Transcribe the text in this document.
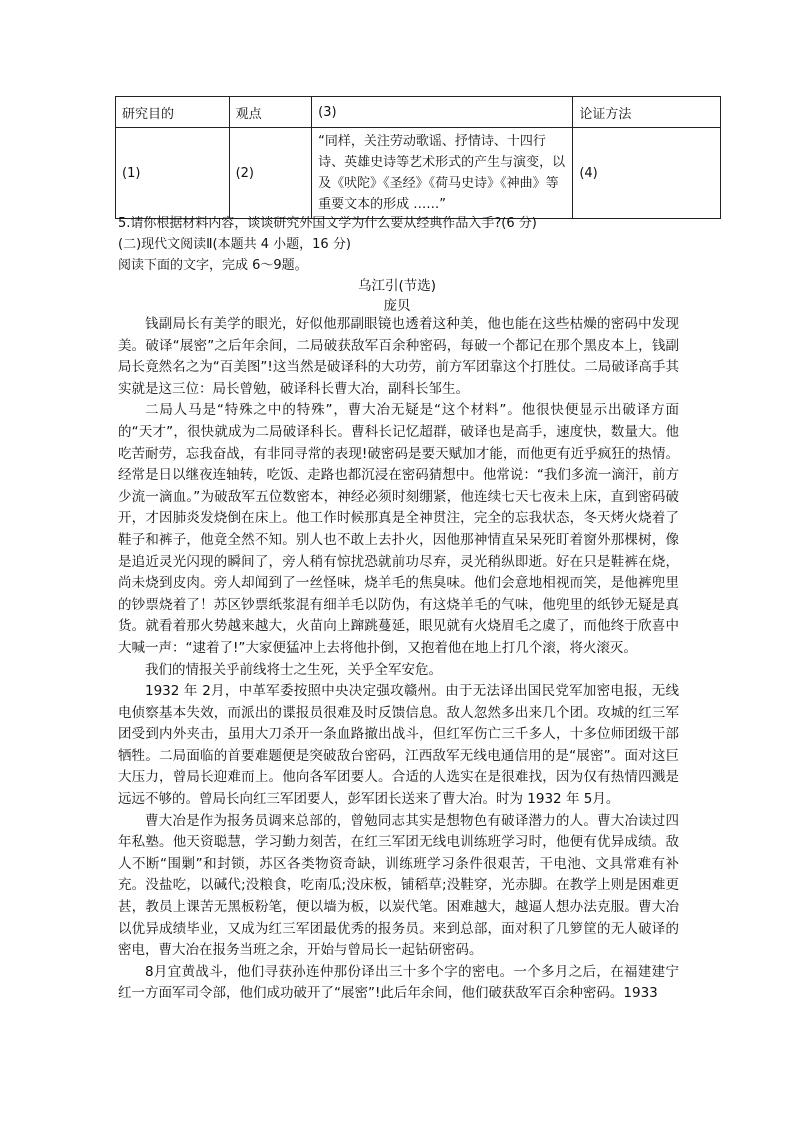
研究目的	观点	(3)	论证方法
(1)	(2)	“同样，关注劳动歌谣、抒情诗、十四行诗、英雄史诗等艺术形式的产生与演变，以及《吠陀》《圣经》《荷马史诗》《神曲》等重要文本的形成 ……”	(4)
5.请你根据材料内容，谈谈研究外国文学为什么要从经典作品入手?(6 分)
(二)现代文阅读Ⅱ(本题共 4 小题，16 分)
阅读下面的文字，完成 6～9题。
乌江引(节选)
庞贝

钱副局长有美学的眼光，好似他那副眼镜也透着这种美，他也能在这些枯燥的密码中发现美。破译“展密”之后年余间，二局破获敌军百余种密码，每破一个都记在那个黑皮本上，钱副局长竟然名之为“百美图”!这当然是破译科的大功劳，前方军团靠这个打胜仗。二局破译高手其实就是这三位：局长曾勉，破译科长曹大冶，副科长邹生。

二局人马是“特殊之中的特殊”，曹大冶无疑是“这个材料”。他很快便显示出破译方面的“天才”，很快就成为二局破译科长。曹科长记忆超群，破译也是高手，速度快，数量大。他吃苦耐劳，忘我奋战，有非同寻常的表现!破密码是要天赋加才能，而他更有近乎疯狂的热情。经常是日以继夜连轴转，吃饭、走路也都沉浸在密码猜想中。他常说：“我们多流一滴汗，前方少流一滴血。”为破敌军五位数密本，神经必须时刻绷紧，他连续七天七夜未上床，直到密码破开，才因肺炎发烧倒在床上。他工作时候那真是全神贯注，完全的忘我状态，冬天烤火烧着了鞋子和裤子，他竟全然不知。别人也不敢上去扑火，因他那神情直呆呆死盯着窗外那棵树，像是追近灵光闪现的瞬间了，旁人稍有惊扰恐就前功尽弃，灵光稍纵即逝。好在只是鞋裤在烧，尚未烧到皮肉。旁人却闻到了一丝怪味，烧羊毛的焦臭味。他们会意地相视而笑，是他裤兜里的钞票烧着了！苏区钞票纸浆混有细羊毛以防伪，有这烧羊毛的气味，他兜里的纸钞无疑是真货。就看着那火势越来越大，火苗向上蹿跳蔓延，眼见就有火烧眉毛之虞了，而他终于欣喜中大喊一声：“逮着了!”大家便猛冲上去将他扑倒，又抱着他在地上打几个滚，将火滚灭。

我们的情报关乎前线将士之生死，关乎全军安危。

1932 年 2月，中革军委按照中央决定强攻赣州。由于无法译出国民党军加密电报，无线电侦察基本失效，而派出的谍报员很难及时反馈信息。敌人忽然多出来几个团。攻城的红三军团受到内外夹击，虽用大刀杀开一条血路撤出战斗，但红军伤亡三千多人，十多位师团级干部牺牲。二局面临的首要难题便是突破敌台密码，江西敌军无线电通信用的是“展密”。面对这巨大压力，曾局长迎难而上。他向各军团要人。合适的人选实在是很难找，因为仅有热情四溅是远远不够的。曾局长向红三军团要人，彭军团长送来了曹大冶。时为 1932 年 5月。

曹大冶是作为报务员调来总部的，曾勉同志其实是想物色有破译潜力的人。曹大冶读过四年私塾。他天资聪慧，学习勤力刻苦，在红三军团无线电训练班学习时，他便有优异成绩。敌人不断“围剿”和封锁，苏区各类物资奇缺，训练班学习条件很艰苦，干电池、文具常难有补充。没盐吃，以碱代;没粮食，吃南瓜;没床板，铺稻草;没鞋穿，光赤脚。在教学上则是困难更甚，教员上课苦无黑板粉笔，便以墙为板，以炭代笔。困难越大，越逼人想办法克服。曹大冶以优异成绩毕业，又成为红三军团最优秀的报务员。来到总部，面对积了几箩筐的无人破译的密电，曹大冶在报务当班之余，开始与曾局长一起钻研密码。

8月宜黄战斗，他们寻获孙连仲那份译出三十多个字的密电。一个多月之后，在福建建宁红一方面军司令部，他们成功破开了“展密”!此后年余间，他们破获敌军百余种密码。1933
